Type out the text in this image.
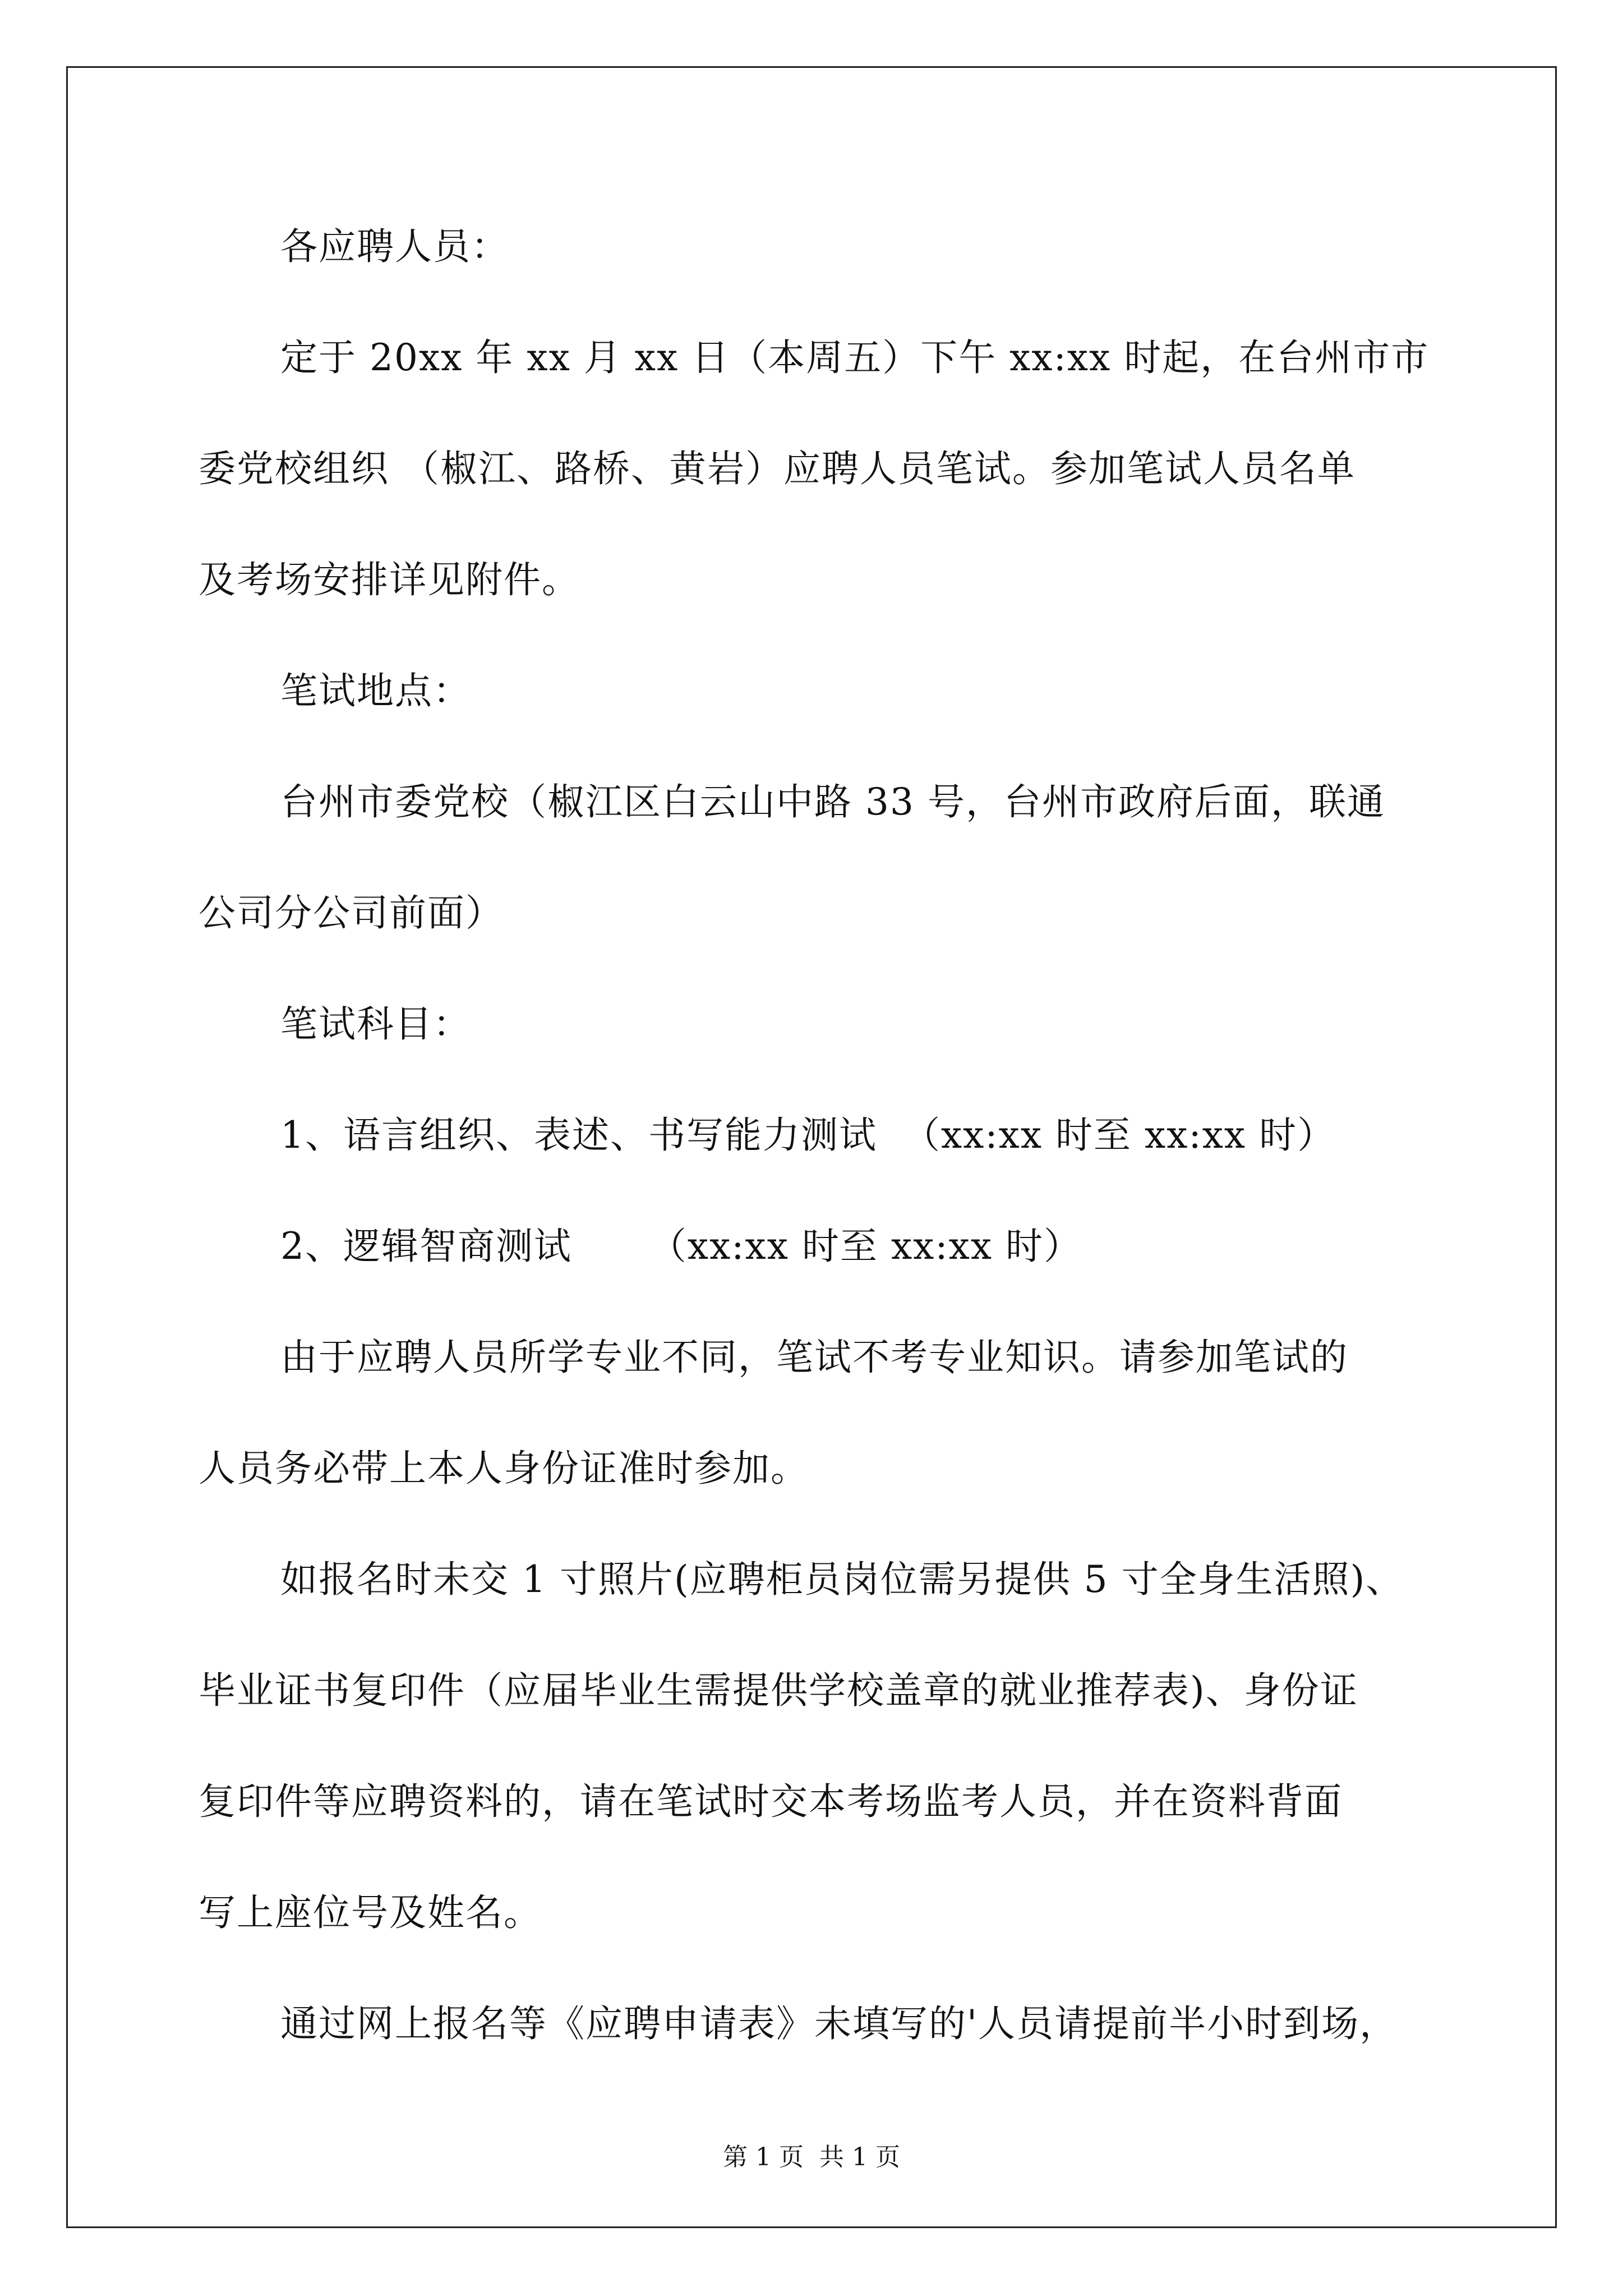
各应聘人员：

定于 20xx 年 xx 月 xx 日（本周五）下午 xx:xx 时起，在台州市市

委党校组织 （椒江、路桥、黄岩）应聘人员笔试。参加笔试人员名单

及考场安排详见附件。

笔试地点：

台州市委党校（椒江区白云山中路 33 号，台州市政府后面，联通

公司分公司前面）

笔试科目：

1、语言组织、表述、书写能力测试  （xx:xx 时至 xx:xx 时）

2、逻辑智商测试      （xx:xx 时至 xx:xx 时）

由于应聘人员所学专业不同，笔试不考专业知识。请参加笔试的

人员务必带上本人身份证准时参加。

如报名时未交 1 寸照片(应聘柜员岗位需另提供 5 寸全身生活照)、

毕业证书复印件（应届毕业生需提供学校盖章的就业推荐表)、身份证

复印件等应聘资料的，请在笔试时交本考场监考人员，并在资料背面

写上座位号及姓名。

通过网上报名等《应聘申请表》未填写的'人员请提前半小时到场，

第 1 页  共 1 页
